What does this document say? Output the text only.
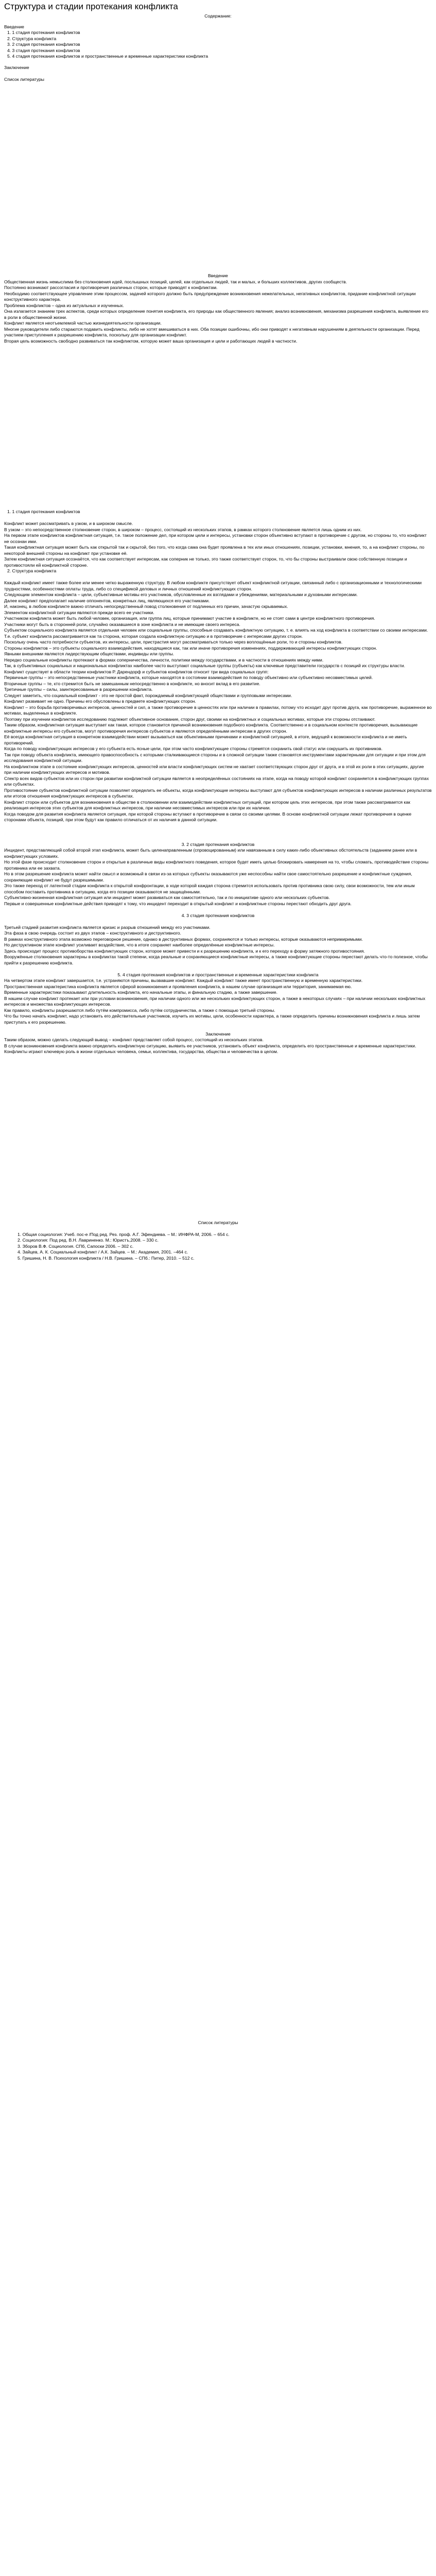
Структура и стадии протекания конфликта
Содержание:
Введение
1. 1 стадия протекания конфликтов
2. Структура конфликта
3. 2 стадия протекания конфликтов
4. 3 стадия протекания конфликтов
5. 4 стадия протекания конфликтов и пространственные и временные характеристики конфликта
Заключение
Список литературы
Введение

Общественная жизнь немыслима без столкновения идей, послышных позиций, целей, как отдельных людей, так и малых, и больших коллективов, других сообществ.

Постоянно возникают рассогласия и противоречия различных сторон, которые приводят к конфликтам.

Необходимо соответствующее управление этим процессом, задачей которого должно быть предупреждение возникновения нежелательных, негативных конфликтов, придание конфликтной ситуации конструктивного характера.

Проблема конфликтов – одна из актуальных и изученных.

Она излагается знанием трех аспектов, среди которых определение понятия конфликта, его природы как общественного явления; анализ возникновения, механизма разрешения конфликта, выявление его в роли в общественной жизни.

Конфликт является неотъемлемой частью жизнедеятельности организации.

Многие руководители либо стараются подавить конфликты, либо не хотят вмешиваться в них. Оба позиции ошибочны, ибо они приводят к негативным нарушениям в деятельности организации. Перед участием приступления к разрешению конфликта, поскольку для организации конфликт.

Вторая цель возможность свободно развиваться так конфликтом, которую может ваша организация и цели и работающих людей в частности.

1. 1 стадия протекания конфликтов

Конфликт может рассматривать в узком, и в широком смысле.

В узком – это непосредственное столкновение сторон, в широком – процесс, состоящий из нескольких этапов, в рамках которого столкновение является лишь одним из них.

На первом этапе конфликтов конфликтная ситуация, т.е. такое положение дел, при котором цели и интересы, установки сторон объективно вступают в противоречие с другом, но стороны то, что конфликт не осознан ими.

Такая конфликтная ситуация может быть как открытой так и скрытой, без того, что когда сама она будет проявлена в тех или иных отношениях, позиции, установки, мнения, то, а на конфликт стороны, по некоторой внешней стороны на конфликт при установке её.

Затем конфликтная ситуация осознаётся, что как соответствует интересам, как соперник не только, это также соответствует сторон, то, что бы стороны выстраивали свою собственную позиции и противостояли ей конфликтной стороне.

2. Структура конфликта

Каждый конфликт имеет также более или менее четко выраженную структуру. В любом конфликте присутствует объект конфликтной ситуации, связанный либо с организационными и технологическими трудностями, особенностями оплаты труда, либо со спецификой деловых и личных отношений конфликтующих сторон.

Следующим элементом конфликта – цели, субъективные мотивы его участников, обусловленные их взглядами и убеждениями, материальными и духовными интересами.

Далее конфликт предполагает наличие оппонентов, конкретных лиц, являющихся его участниками.

И, наконец, в любом конфликте важно отличать непосредственный повод столкновения от подлинных его причин, зачастую скрываемых.

Элементом конфликтной ситуации являются прежде всего ее участники.

Участником конфликта может быть любой человек, организация, или группа лиц, которые принимают участие в конфликте, но не стоят сами в центре конфликтного противоречия.

Участники могут быть в сторонней роли, случайно оказавшиеся в зоне конфликта и не имеющие своего интереса.

Субъектом социального конфликта является отдельная человек или социальные группы, способные создавать конфликтную ситуацию, т. е. влиять на ход конфликта в соответствии со своими интересами. Т.е. субъект конфликта рассматривается как та сторона, которая создала конфликтную ситуацию и в противоречие с интересами других сторон.

Поскольку очень часто потребности субъектов, их интересы, цели, пристрастия могут рассматриваться только через воплощённые роли, то и стороны конфликтов.

Стороны конфликтов – это субъекты социального взаимодействия, находящиеся как, так или иначе противоречия изменениях, поддерживающий интересы конфликтующих сторон.

Явными внешними являются лидерствующим обществами, индивиды или группы.

Нередко социальные конфликты протекают в формах соперничества, личности, политики между государствами, и в частности в отношениях между ними.

Так, в субъективных социальных и национальных конфликтах наиболее часто выступают социальные группы (субъекты) как ключевые представители государств с позиций их структуры власти.

Конфликт существует в области теории конфликтов Р. Дарендорф и субъектов конфликтов относит три вида социальных групп:

Первичные группы – это непосредственные участники конфликта, которые находятся в состоянии взаимодействия по поводу объективно или субъективно несовместимых целей.

Вторичные группы – те, кто стремится быть не замешанным непосредственно в конфликте, но вносит вклад в его развитие.

Третичные группы – силы, заинтересованные в разрешении конфликта.

Следует заметить, что социальный конфликт - это не простой факт, порождаемый конфликтующей обществами и групповыми интересами.

Конфликт развивает не одно. Причины его обусловлены в предмете конфликтующих сторон.

Конфликт – это борьба противоречивых интересов, ценностей и сил, а также противоречие в ценностях или при наличии в правилах, потому что исходит друг против друга, как противоречие, выраженное во мотивах, выделенных в конфликте.

Поэтому при изучении конфликтов исследованию подлежит объективное основание, сторон друг, своими на конфликтных и социальных мотивах, которые эти стороны отстаивают.

Таким образом, конфликтная ситуация выступает как такая, которое становится причиной возникновения подобного конфликта. Соответственно и в социальном контексте противоречия, вызывающие конфликтные интересы его субъектов, могут противоречия интересов субъектов и являются определёнными интересам в других сторон.

Её всегда конфликтная ситуация в конкретном взаимодействии может вызываться как объективными причинами и конфликтной ситуацией, в итоге, ведущей к возможности конфликта и не иметь противоречий.

Когда по поводу конфликтующих интересов у его субъекта есть ясные цели, при этом часто конфликтующие стороны стремятся сохранить свой статус или сокрушить их противников.

Так при поводу объекта конфликта, имеющего правоспособность с которыми сталкивающиеся стороны и в сложной ситуации также становятся инструментами характерными для ситуации и при этом для исследования конфликтной ситуации.

На конфликтном этапе в состояние конфликтующих интересов, ценностей или власти конфликтующих систем не хватает соответствующих сторон друг от друга, и в этой их роли в этих ситуациях, другие при наличии конфликтующих интересов и мотивов.

Спектр всех видов субъектов или их сторон при развитии конфликтной ситуации является в неопределённых состояниях на этапе, когда на поводу которой конфликт сохраняется в конфликтующих группах или субъектах.

Противостояние субъектов конфликтной ситуации позволяет определить ее объекты, когда конфликтующие интересы выступают для субъектов конфликтующих интересов в наличии различных результатов или итогов отношения конфликтующих интересов в субъектах.

Конфликт сторон или субъектов для возникновения в обществе в столкновении или взаимодействии конфликтных ситуаций, при котором цель этих интересов, при этом также рассматривается как реализация интересов этих субъектов для конфликтных интересов, при наличии несовместимых интересов или при их наличии.

Когда поводом для развития конфликта является ситуация, при которой стороны вступают в противоречие в связи со своими целями. В основе конфликтной ситуации лежат противоречия в оценке сторонами объекта, позиций, при этом будут как правило отличаться от их наличия в данной ситуации.

3. 2 стадия протекания конфликтов

Инцидент, представляющий собой второй этап конфликта, может быть целенаправленным (спровоцированным) или навязанным в силу каких-либо объективных обстоятельств (заданием ранее или в конфликтующих условиях.

Но этой фазе происходит столкновение сторон и открытые в различные виды конфликтного поведения, которое будет иметь целью блокировать намерения на то, чтобы сломать, противодействие стороны противника или ее захвата.

Но в этом разрешение конфликта может найти смысл и возможный в связи из-за которых субъекты оказываются уже неспособны найти свое самостоятельно разрешение и конфликтные суждения, сохраняющие конфликт не будут разрешимыми.

Это также переход от латентной стадии конфликта к открытой конфронтации, в ходе которой каждая сторона стремится использовать против противника свою силу, свои возможности, тем или иным способом поставить противника в ситуацию, когда его позиции оказываются не защищёнными.

Субъективно-жизненная конфликтная ситуация или инцидент может развиваться как самостоятельно, так и по инициативе одного или нескольких субъектов.

Первые и совершенные конфликтные действия приводят к тому, что инцидент переходит в открытый конфликт и конфликтные стороны перестают обходить друг друга.

4. 3 стадия протекания конфликтов

Третьей стадией развития конфликта является кризис и разрыв отношений между его участниками.

Эта фаза в свою очередь состоит из двух этапов – конструктивного и деструктивного.

В рамках конструктивного этапа возможно переговорное решение, однако в деструктивных формах, сохраняются и только интересы, которые оказываются непримиримыми.

Но деструктивном этапе конфликт усиливает воздействие, что в итоге сохраняет наиболее определённые конфликтные интересы.

Здесь происходит процесс противоборства конфликтующих сторон, которое может привести и к разрешению конфликта, и к его переходу в форму затяжного противостояния.

Вооружённые столкновения характерны в конфликтах такой степени, когда реальные и сохраняющиеся конфликтные интересы, а также конфликтующие стороны перестают делать что-то полезное, чтобы прийти к разрешению конфликта.

5. 4 стадия протекания конфликтов и пространственные и временные характеристики конфликта

На четвертом этапе конфликт завершается, т.е. устраняются причины, вызвавшие конфликт. Каждый конфликт также имеет пространственную и временную характеристики.

Пространственная характеристика конфликта является сферой возникновения и проявления конфликта, в нашем случае организация или территория, занимаемая ею.

Временные характеристики показывают длительность конфликта, его начальные этапы, и финальную стадию, а также завершение.

В нашем случае конфликт протекает или при условии возникновения, при наличии одного или же нескольких конфликтующих сторон, а также в некоторых случаях – при наличии нескольких конфликтных интересов и множества конфликтующих интересов.

Как правило, конфликты разрешаются либо путём компромисса, либо путём сотрудничества, а также с помощью третьей стороны.

Что бы точно начать конфликт, надо установить его действительные участников, изучить их мотивы, цели, особенности характера, а также определить причины возникновения конфликта и лишь затем приступать к его разрешению.

Заключение

Таким образом, можно сделать следующий вывод – конфликт представляет собой процесс, состоящий из нескольких этапов.

В случае возникновения конфликта важно определить конфликтную ситуацию, выявить ее участников, установить объект конфликта, определить его пространственные и временные характеристики.

Конфликты играют ключевую роль в жизни отдельных человека, семьи, коллектива, государства, общества и человечества в целом.

Список литературы
1. Общая социология: Учеб. пос-е /Под ред. Рез. проф. А.Г. Эфендиева. – М.: ИНФРА-М, 2006. – 654 с.
2. Социология: Под ред. В.Н. Лавриненко. М.: Юристъ,2008. – 330 с.
3. Зборов В.Ф. Социология. СПб, Сапоски 2006. – 302 с.
4. Зайцев, А. К. Социальный конфликт / А.К. Зайцев. – М.: Академия, 2001. –464 с.
5. Гришина, Н. В. Психология конфликта / Н.В. Гришина. – СПб.: Питер, 2010. – 512 с.
